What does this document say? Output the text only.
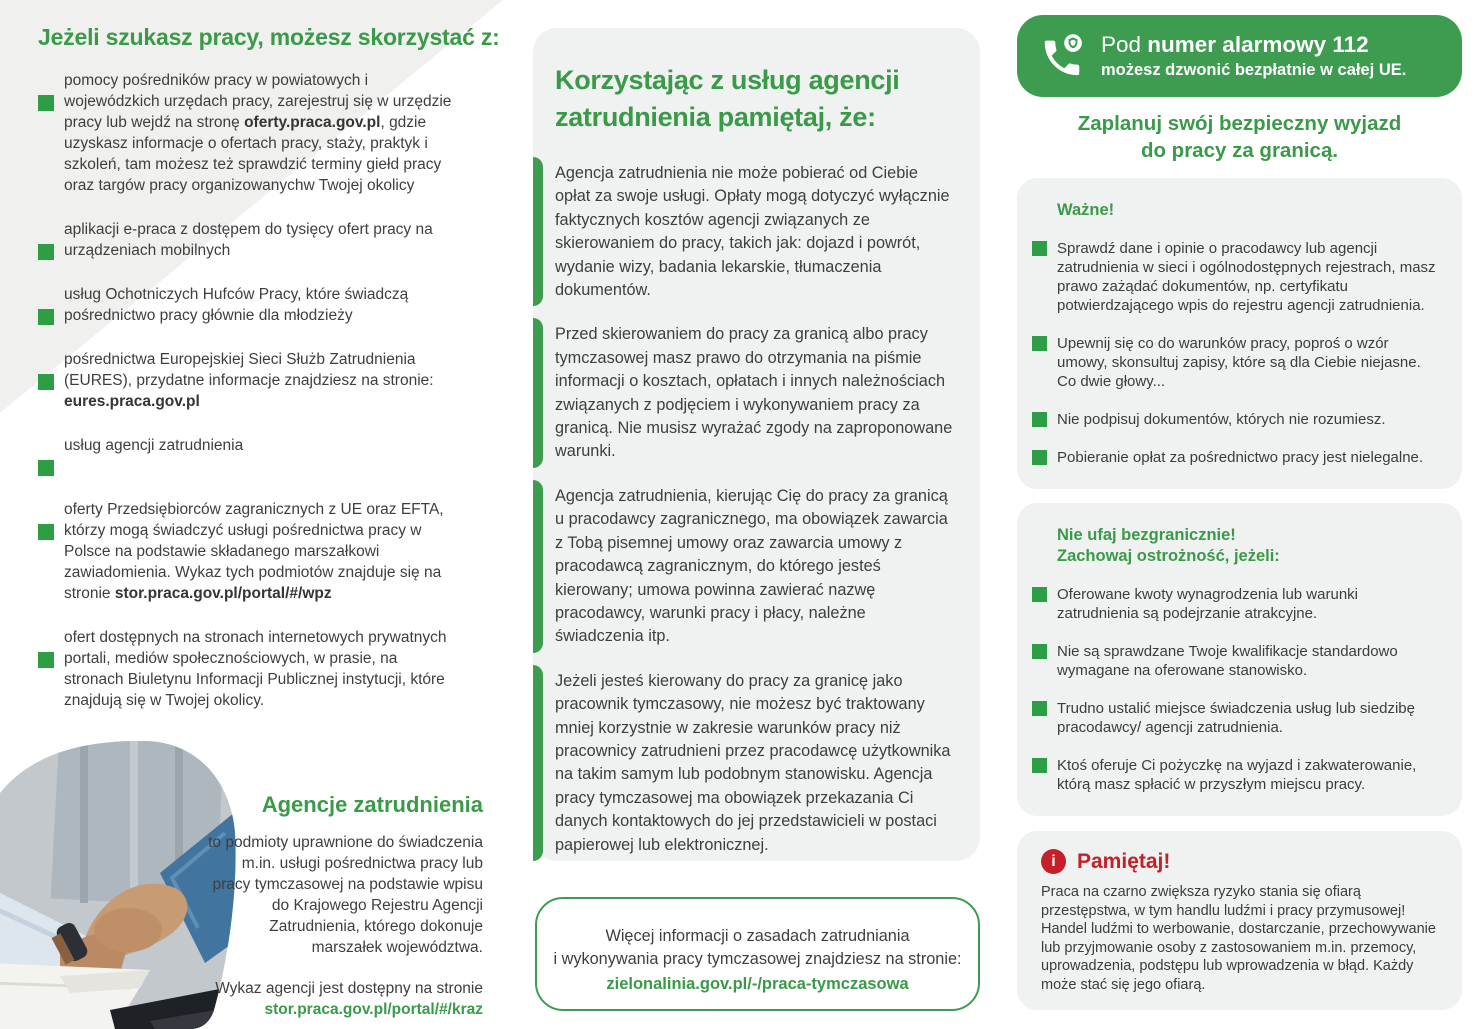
Jeżeli szukasz pracy, możesz skorzystać z:

pomocy pośredników pracy w powiatowych i wojewódzkich urzędach pracy, zarejestruj się w urzędzie pracy lub wejdź na stronę oferty.praca.gov.pl, gdzie uzyskasz informacje o ofertach pracy, staży, praktyk i szkoleń, tam możesz też sprawdzić terminy giełd pracy oraz targów pracy organizowanychw Twojej okolicy

aplikacji e-praca z dostępem do tysięcy ofert pracy na urządzeniach mobilnych

usług Ochotniczych Hufców Pracy, które świadczą pośrednictwo pracy głównie dla młodzieży

pośrednictwa Europejskiej Sieci Służb Zatrudnienia (EURES), przydatne informacje znajdziesz na stronie:
eures.praca.gov.pl

usług agencji zatrudnienia

oferty Przedsiębiorców zagranicznych z UE oraz EFTA, którzy mogą świadczyć usługi pośrednictwa pracy w Polsce na podstawie składanego marszałkowi zawiadomienia. Wykaz tych podmiotów znajduje się na stronie stor.praca.gov.pl/portal/#/wpz

ofert dostępnych na stronach internetowych prywatnych portali, mediów społecznościowych, w prasie, na stronach Biuletynu Informacji Publicznej instytucji, które znajdują się w Twojej okolicy.

Agencje zatrudnienia

to podmioty uprawnione do świadczenia m.in. usługi pośrednictwa pracy lub pracy tymczasowej na podstawie wpisu do Krajowego Rejestru Agencji Zatrudnienia, którego dokonuje marszałek województwa.

Wykaz agencji jest dostępny na stronie

stor.praca.gov.pl/portal/#/kraz

Korzystając z usług agencji zatrudnienia pamiętaj, że:

Agencja zatrudnienia nie może pobierać od Ciebie opłat za swoje usługi. Opłaty mogą dotyczyć wyłącznie faktycznych kosztów agencji związanych ze skierowaniem do pracy, takich jak: dojazd i powrót, wydanie wizy, badania lekarskie, tłumaczenia dokumentów.

Przed skierowaniem do pracy za granicą albo pracy tymczasowej masz prawo do otrzymania na piśmie informacji o kosztach, opłatach i innych należnościach związanych z podjęciem i wykonywaniem pracy za granicą. Nie musisz wyrażać zgody na zaproponowane warunki.

Agencja zatrudnienia, kierując Cię do pracy za granicą u pracodawcy zagranicznego, ma obowiązek zawarcia z Tobą pisemnej umowy oraz zawarcia umowy z pracodawcą zagranicznym, do którego jesteś kierowany; umowa powinna zawierać nazwę pracodawcy, warunki pracy i płacy, należne świadczenia itp.

Jeżeli jesteś kierowany do pracy za granicę jako pracownik tymczasowy, nie możesz być traktowany mniej korzystnie w zakresie warunków pracy niż pracownicy zatrudnieni przez pracodawcę użytkownika na takim samym lub podobnym stanowisku. Agencja pracy tymczasowej ma obowiązek przekazania Ci danych kontaktowych do jej przedstawicieli w postaci papierowej lub elektronicznej.

Więcej informacji o zasadach zatrudniania
i wykonywania pracy tymczasowej znajdziesz na stronie:
zielonalinia.gov.pl/-/praca-tymczasowa
Pod numer alarmowy 112
możesz dzwonić bezpłatnie w całej UE.
Zaplanuj swój bezpieczny wyjazd
do pracy za granicą.
Ważne!

Sprawdź dane i opinie o pracodawcy lub agencji zatrudnienia w sieci i ogólnodostępnych rejestrach, masz prawo zażądać dokumentów, np. certyfikatu potwierdzającego wpis do rejestru agencji zatrudnienia.

Upewnij się co do warunków pracy, poproś o wzór umowy, skonsultuj zapisy, które są dla Ciebie niejasne. Co dwie głowy...

Nie podpisuj dokumentów, których nie rozumiesz.

Pobieranie opłat za pośrednictwo pracy jest nielegalne.

Nie ufaj bezgranicznie!
Zachowaj ostrożność, jeżeli:

Oferowane kwoty wynagrodzenia lub warunki zatrudnienia są podejrzanie atrakcyjne.

Nie są sprawdzane Twoje kwalifikacje standardowo wymagane na oferowane stanowisko.

Trudno ustalić miejsce świadczenia usług lub siedzibę pracodawcy/ agencji zatrudnienia.

Ktoś oferuje Ci pożyczkę na wyjazd i zakwaterowanie, którą masz spłacić w przyszłym miejscu pracy.

i	Pamiętaj!

Praca na czarno zwiększa ryzyko stania się ofiarą przestępstwa, w tym handlu ludźmi i pracy przymusowej! Handel ludźmi to werbowanie, dostarczanie, przechowywanie lub przyjmowanie osoby z zastosowaniem m.in. przemocy, uprowadzenia, podstępu lub wprowadzenia w błąd. Każdy może stać się jego ofiarą.
